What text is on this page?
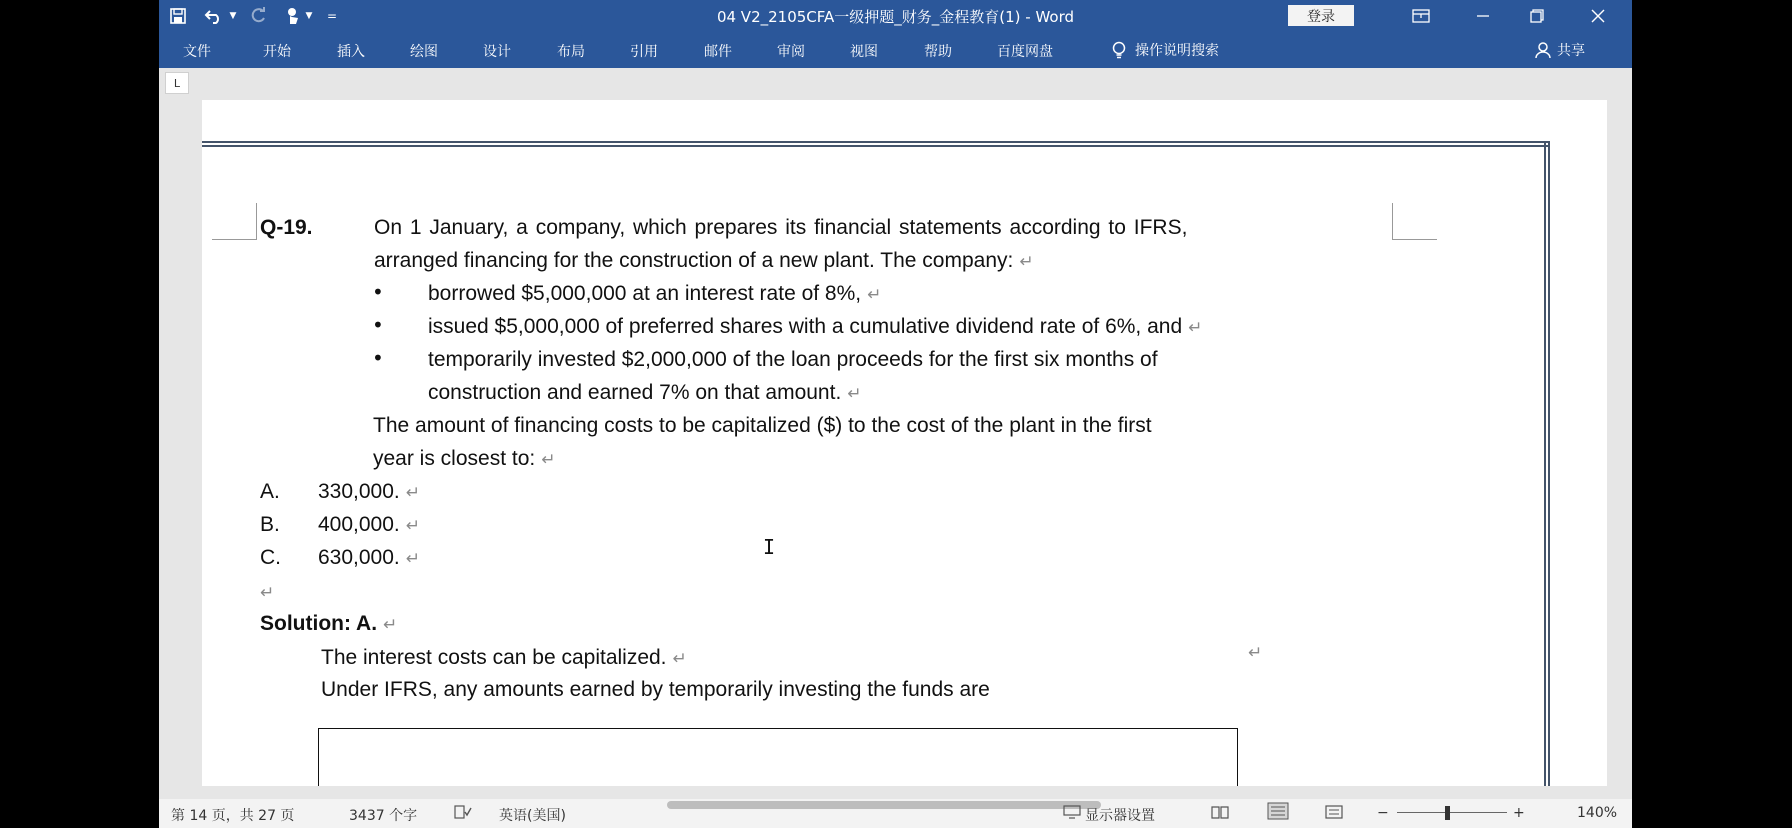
▼	▼	=	04 V2_2105CFA一级押题_财务_金程教育(1) - Word	登录
文件	开始	插入	绘图	设计	布局	引用	邮件	审阅	视图	帮助	百度网盘	操作说明搜索	共享
L
Q-19.	On 1 January, a company, which prepares its financial statements according to IFRS,
arranged financing for the construction of a new plant. The company: ↵
• borrowed $5,000,000 at an interest rate of 8%, ↵
• issued $5,000,000 of preferred shares with a cumulative dividend rate of 6%, and ↵
• temporarily invested $2,000,000 of the loan proceeds for the first six months of
construction and earned 7% on that amount. ↵
The amount of financing costs to be capitalized ($) to the cost of the plant in the first
year is closest to: ↵
A. 330,000. ↵
B. 400,000. ↵
C. 630,000. ↵
↵
Solution: A. ↵
The interest costs can be capitalized. ↵
Under IFRS, any amounts earned by temporarily investing the funds are
↵
I
第 14 页，共 27 页	3437 个字	英语(美国)	显示器设置	−	+	140%
